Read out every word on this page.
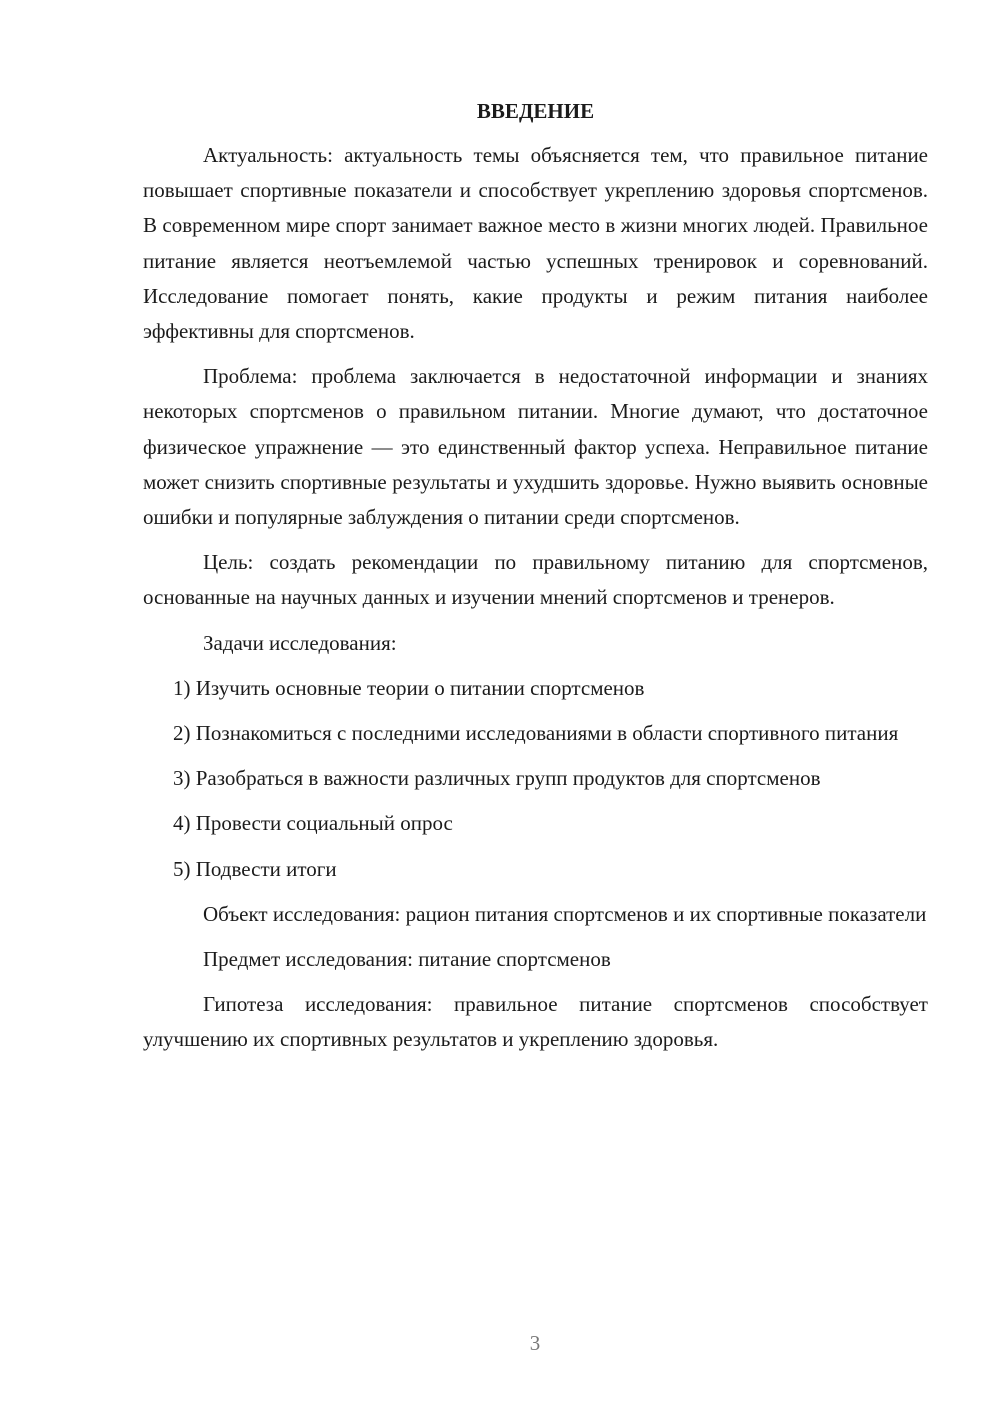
ВВЕДЕНИЕ

Актуальность: актуальность темы объясняется тем, что правильное питание повышает спортивные показатели и способствует укреплению здоровья спортсменов. В современном мире спорт занимает важное место в жизни многих людей. Правильное питание является неотъемлемой частью успешных тренировок и соревнований. Исследование помогает понять, какие продукты и режим питания наиболее эффективны для спортсменов.

Проблема: проблема заключается в недостаточной информации и знаниях некоторых спортсменов о правильном питании. Многие думают, что достаточное физическое упражнение — это единственный фактор успеха. Неправильное питание может снизить спортивные результаты и ухудшить здоровье. Нужно выявить основные ошибки и популярные заблуждения о питании среди спортсменов.

Цель: создать рекомендации по правильному питанию для спортсменов, основанные на научных данных и изучении мнений спортсменов и тренеров.

Задачи исследования:

1) Изучить основные теории о питании спортсменов

2) Познакомиться с последними исследованиями в области спортивного питания

3) Разобраться в важности различных групп продуктов для спортсменов

4) Провести социальный опрос

5) Подвести итоги

Объект исследования: рацион питания спортсменов и их спортивные показатели

Предмет исследования: питание спортсменов

Гипотеза исследования: правильное питание спортсменов способствует улучшению их спортивных результатов и укреплению здоровья.

3
